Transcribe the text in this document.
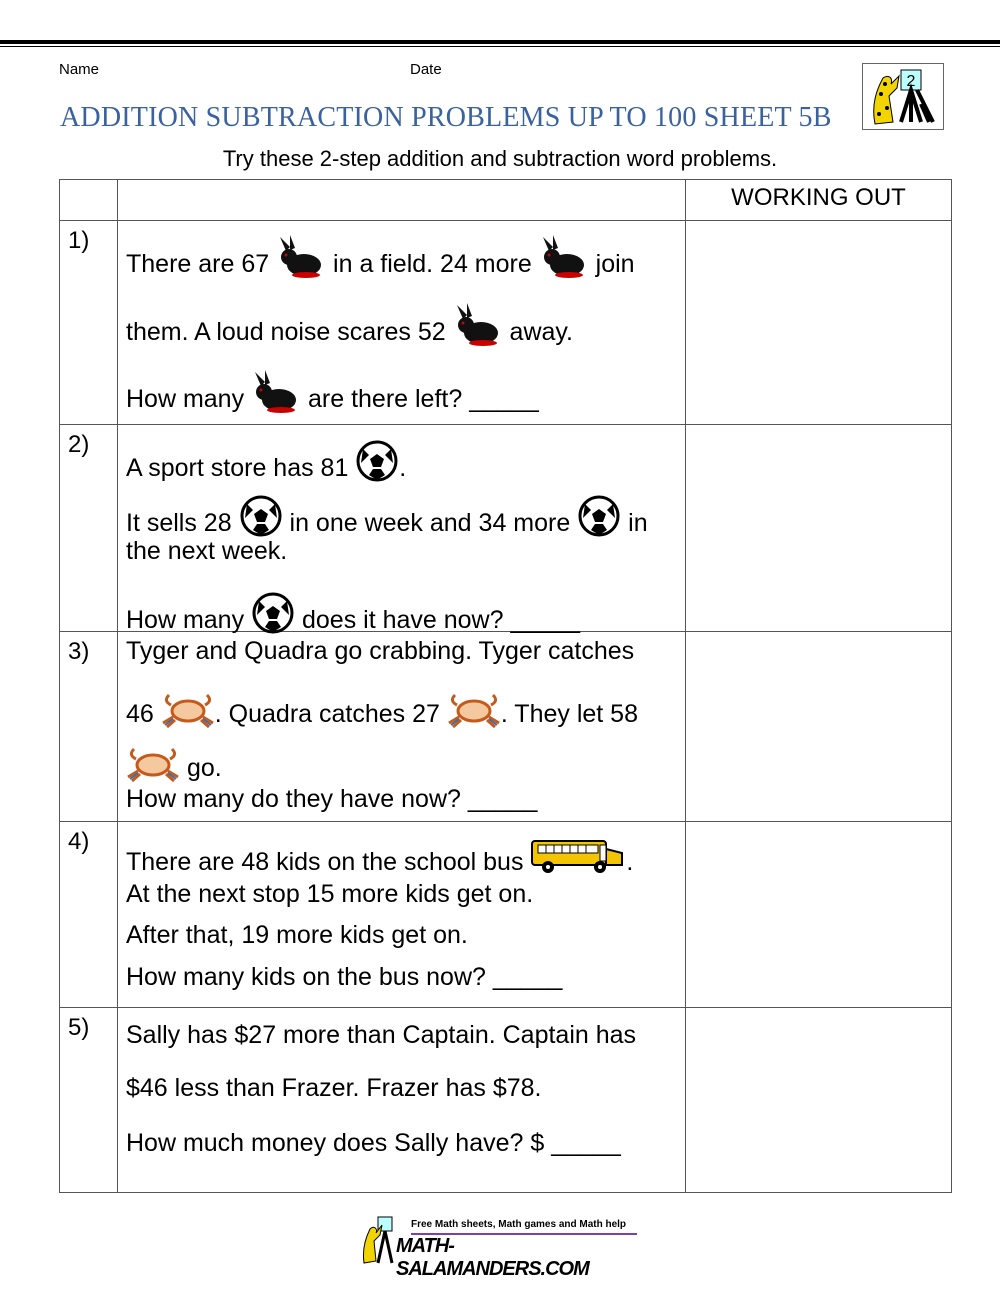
Name	Date
ADDITION SUBTRACTION PROBLEMS UP TO 100 SHEET 5B
2
Try these 2-step addition and subtraction word problems.
		WORKING OUT
1)	There are 67  in a field. 24 more  join
them. A loud noise scares 52  away.
How many  are there left? _____	

2)	A sport store has 81 .
It sells 28  in one week and 34 more  in
the next week.
How many  does it have now? _____	

3)	Tyger and Quadra go crabbing. Tyger catches
46 . Quadra catches 27 . They let 58
go.
How many do they have now? _____	

4)	There are 48 kids on the school bus .
At the next stop 15 more kids get on.
After that, 19 more kids get on.
How many kids on the bus now? _____	

5)	Sally has $27 more than Captain. Captain has
$46 less than Frazer. Frazer has $78.
How much money does Sally have? $ _____	

Free Math sheets, Math games and Math help
MATH-SALAMANDERS.COM
